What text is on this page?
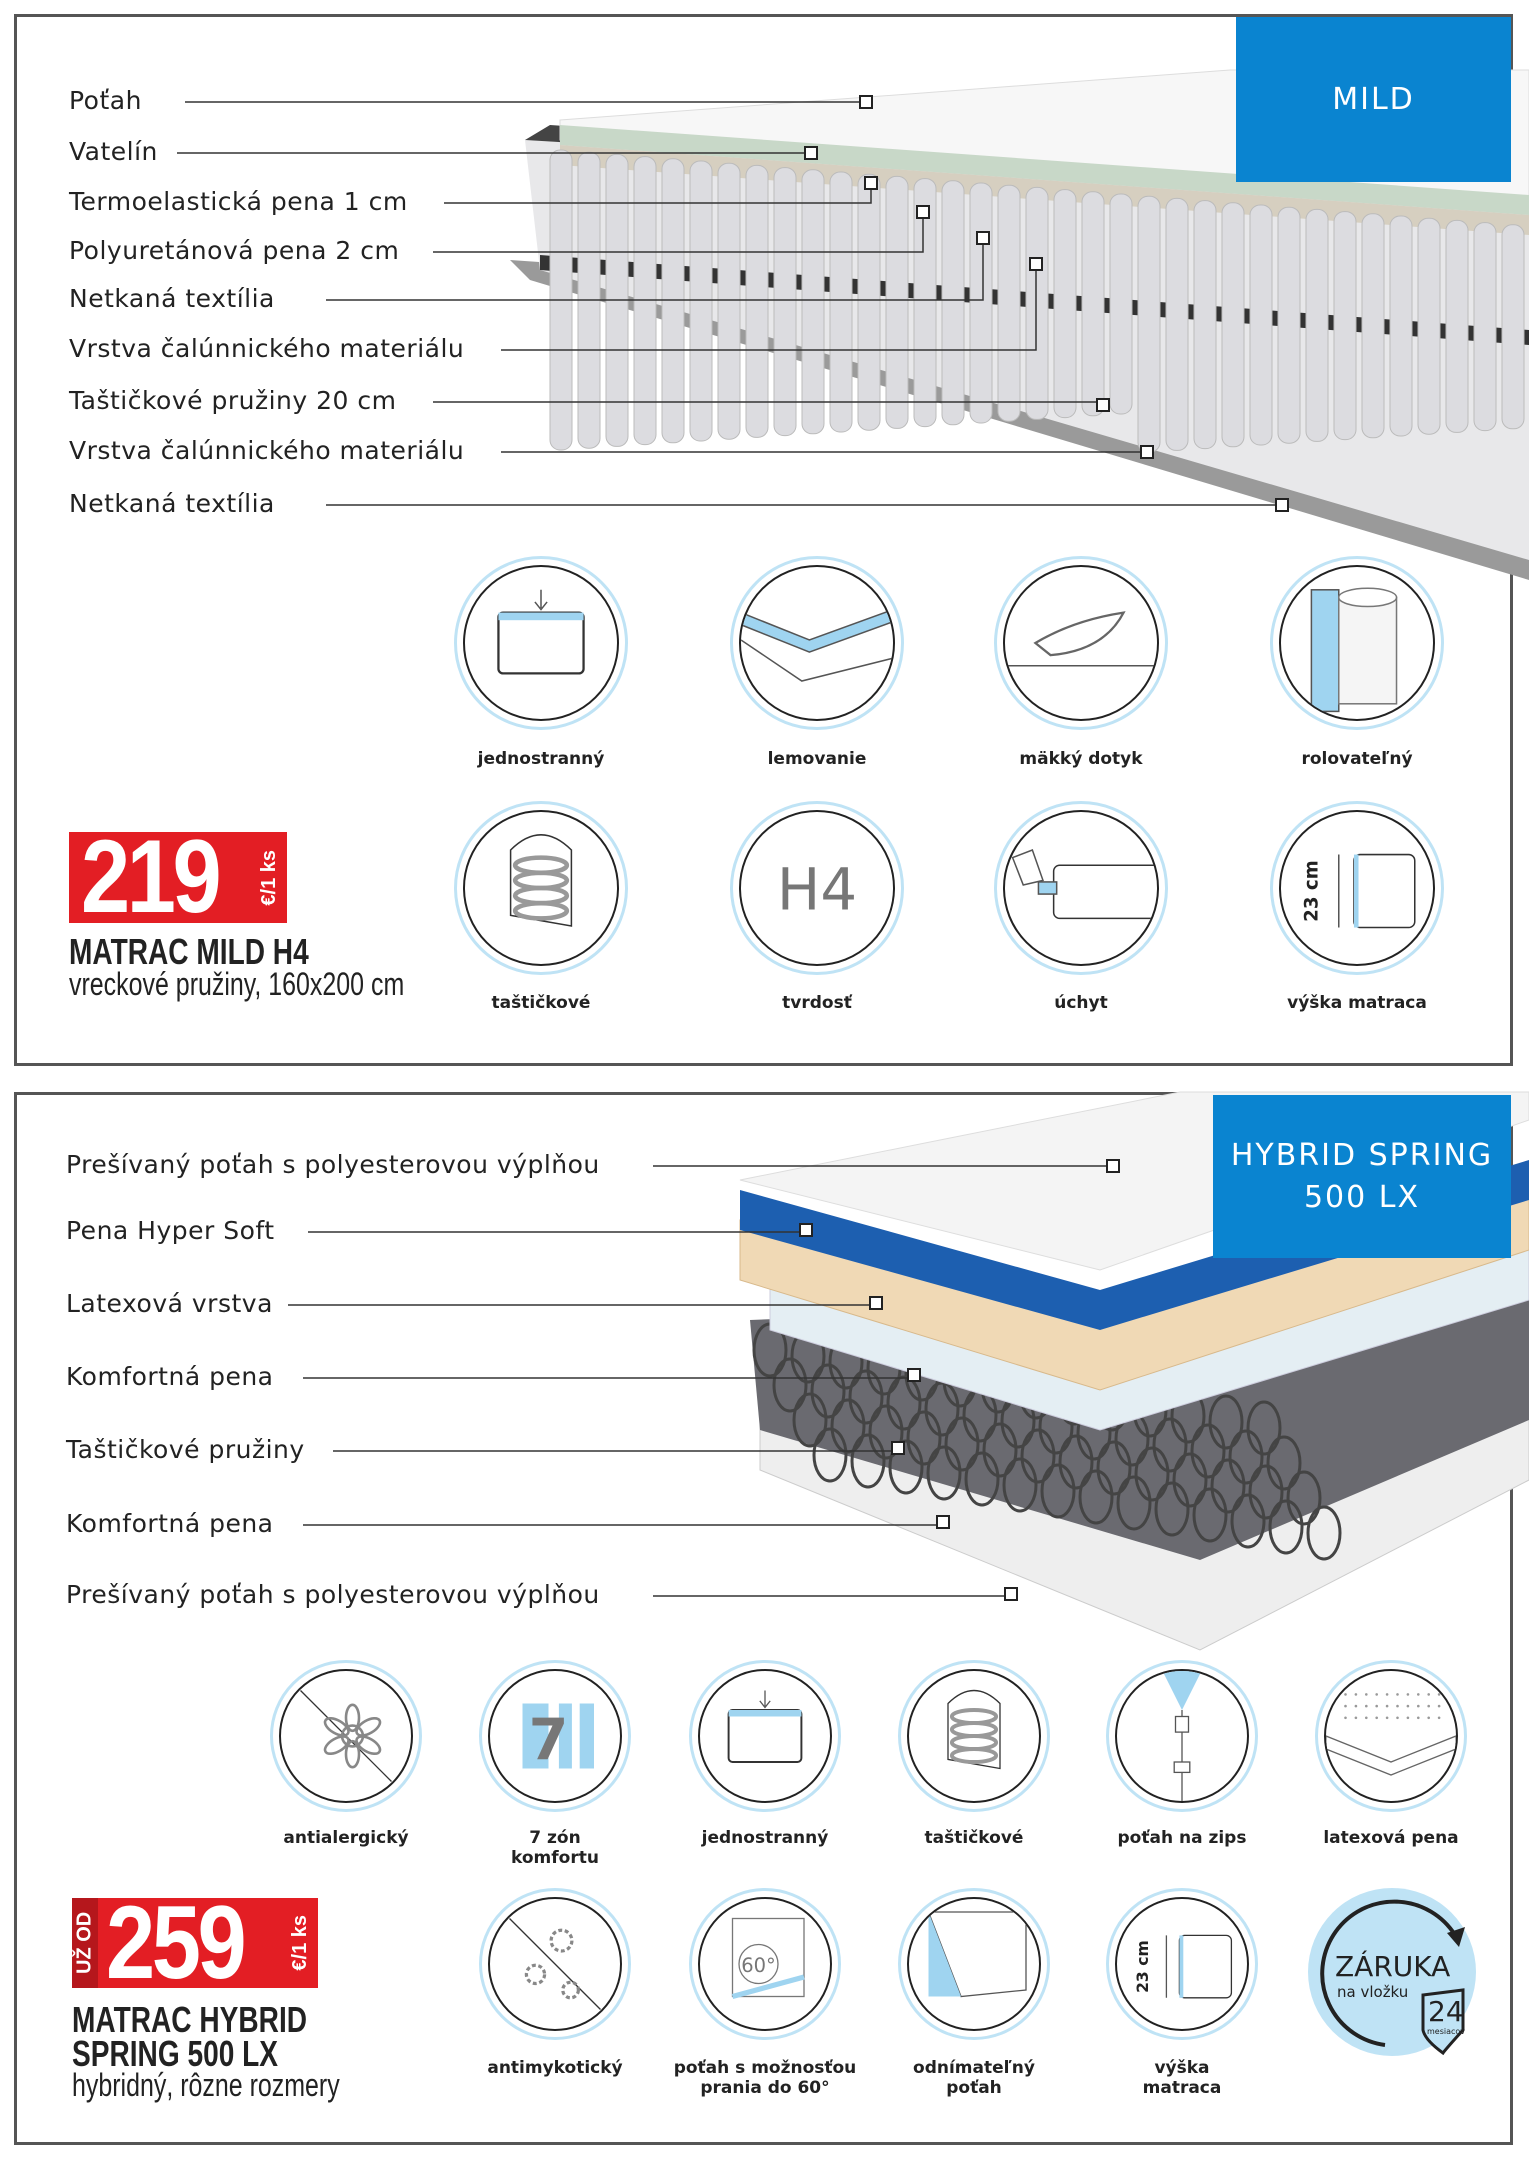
MILD
Poťah
Vatelín
Termoelastická pena 1 cm
Polyuretánová pena 2 cm
Netkaná textília
Vrstva čalúnnického materiálu
Taštičkové pružiny 20 cm
Vrstva čalúnnického materiálu
Netkaná textília
jednostranný	lemovanie	mäkký dotyk	rolovateľný
taštičkové
H4
tvrdosť	úchyt
23 cm
výška matraca
219 €/1 ks
MATRAC MILD H4
vreckové pružiny, 160x200 cm
HYBRID SPRING
500 LX
Prešívaný poťah s polyesterovou výplňou
Pena Hyper Soft
Latexová vrstva
Komfortná pena
Taštičkové pružiny
Komfortná pena
Prešívaný poťah s polyesterovou výplňou
antialergický
7
7 zón
komfortu
jednostranný	taštičkové	poťah na zips	latexová pena
antimykotický
60°
poťah s možnosťou
prania do 60°
odnímateľný
poťah
23 cm
výška
matraca
ZÁRUKA
na vložku
24
mesiacov
UŽ OD 259 €/1 ks
MATRAC HYBRID
SPRING 500 LX
hybridný, rôzne rozmery
